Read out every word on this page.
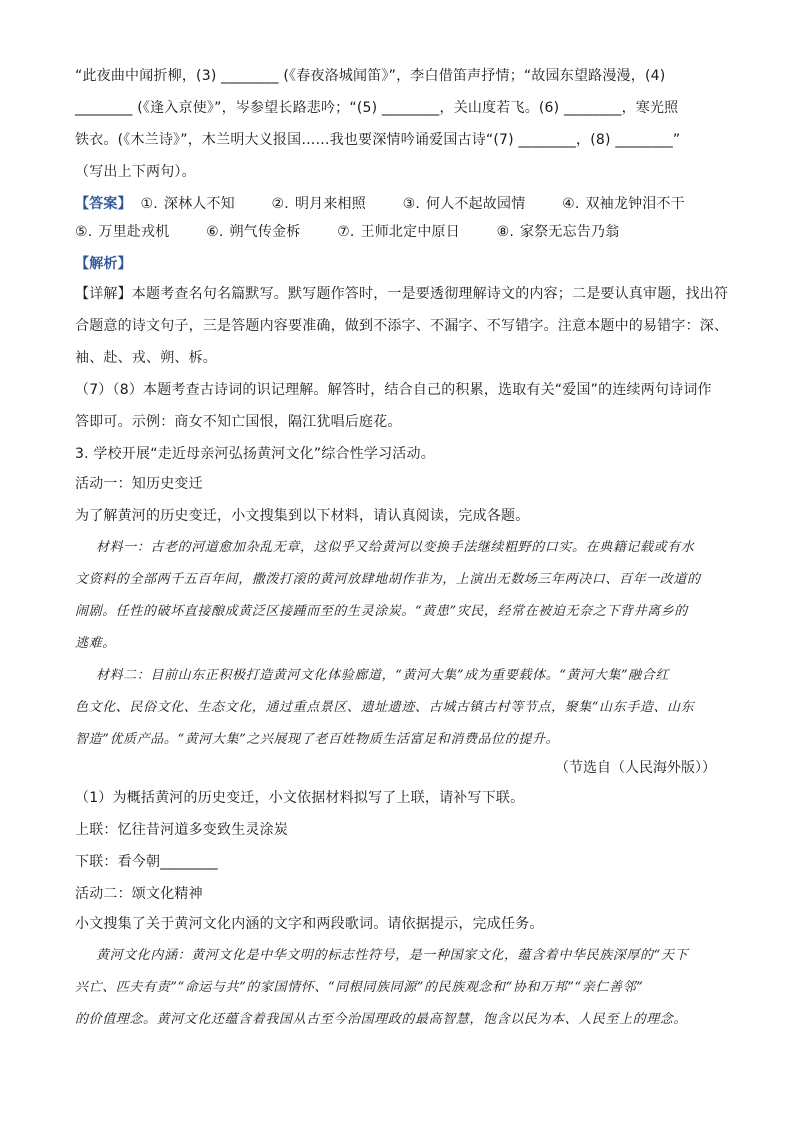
“此夜曲中闻折柳，(3) ________ (《春夜洛城闻笛》”，李白借笛声抒情；“故园东望路漫漫，(4)
________ (《逢入京使》”，岑参望长路悲吟；“(5) ________，关山度若飞。(6) ________，寒光照
铁衣。(《木兰诗》”，木兰明大义报国……我也要深情吟诵爱国古诗“(7) ________，(8) ________”
（写出上下两句）。
【答案】 ①. 深林人不知	②. 明月来相照	③. 何人不起故园情	④. 双袖龙钟泪不干
⑤. 万里赴戎机	⑥. 朔气传金柝	⑦. 王师北定中原日	⑧. 家祭无忘告乃翁
【解析】
【详解】本题考查名句名篇默写。默写题作答时，一是要透彻理解诗文的内容；二是要认真审题，找出符
合题意的诗文句子，三是答题内容要准确，做到不添字、不漏字、不写错字。注意本题中的易错字：深、
袖、赴、戎、朔、柝。
（7）（8）本题考查古诗词的识记理解。解答时，结合自己的积累，选取有关“爱国”的连续两句诗词作
答即可。示例：商女不知亡国恨，隔江犹唱后庭花。
3. 学校开展“走近母亲河弘扬黄河文化”综合性学习活动。
活动一：知历史变迁
为了解黄河的历史变迁，小文搜集到以下材料，请认真阅读，完成各题。
材料一：古老的河道愈加杂乱无章，这似乎又给黄河以变换手法继续粗野的口实。在典籍记载或有水
文资料的全部两千五百年间，撒泼打滚的黄河放肆地胡作非为，上演出无数场三年两决口、百年一改道的
闹剧。任性的破坏直接酿成黄泛区接踵而至的生灵涂炭。“黄患”灾民，经常在被迫无奈之下背井离乡的
逃难。
材料二：目前山东正积极打造黄河文化体验廊道，“黄河大集”成为重要载体。“黄河大集”融合红
色文化、民俗文化、生态文化，通过重点景区、遗址遗迹、古城古镇古村等节点，聚集“山东手造、山东
智造”优质产品。“黄河大集”之兴展现了老百姓物质生活富足和消费品位的提升。
（节选自（人民海外版））
（1）为概括黄河的历史变迁，小文依据材料拟写了上联，请补写下联。
上联：忆往昔河道多变致生灵涂炭
下联：看今朝________
活动二：颂文化精神
小文搜集了关于黄河文化内涵的文字和两段歌词。请依据提示，完成任务。
黄河文化内涵：黄河文化是中华文明的标志性符号，是一种国家文化，蕴含着中华民族深厚的“天下
兴亡、匹夫有责”“命运与共”的家国情怀、“同根同族同源”的民族观念和“协和万邦”“亲仁善邻”
的价值理念。黄河文化还蕴含着我国从古至今治国理政的最高智慧，饱含以民为本、人民至上的理念。
